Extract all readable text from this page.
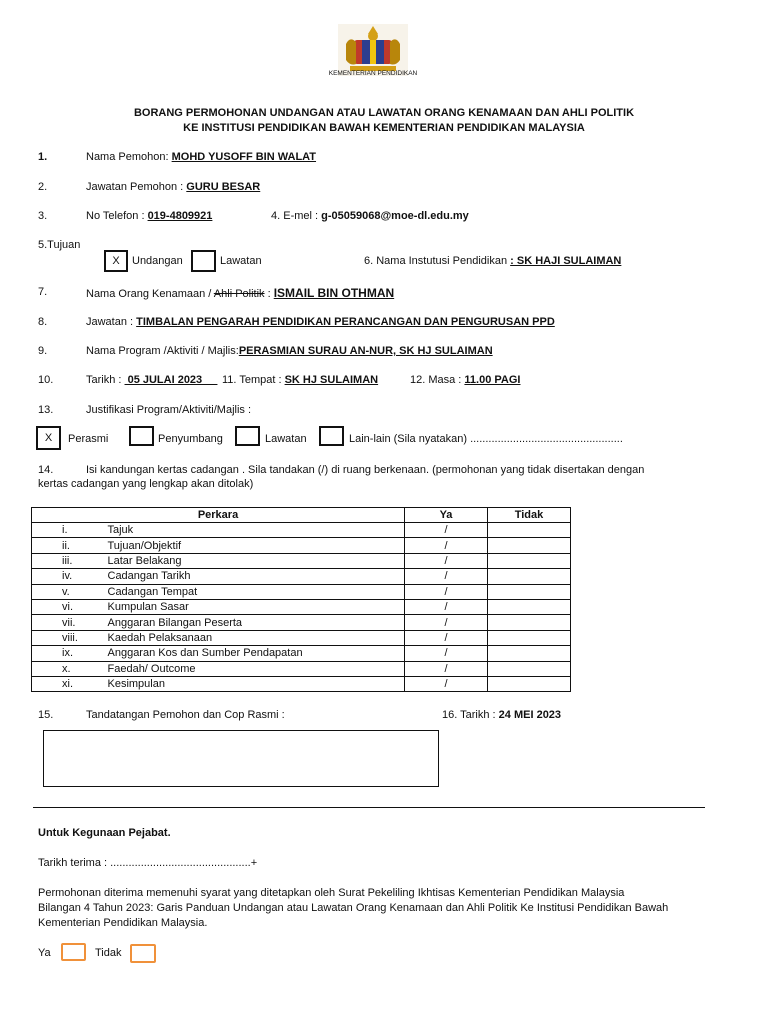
KEMENTERIAN PENDIDIKAN
BORANG PERMOHONAN UNDANGAN ATAU LAWATAN ORANG KENAMAAN DAN AHLI POLITIK
KE INSTITUSI PENDIDIKAN BAWAH KEMENTERIAN PENDIDIKAN MALAYSIA
1.	Nama Pemohon: MOHD YUSOFF BIN WALAT
2.	Jawatan Pemohon : GURU BESAR
3.	No Telefon : 019-4809921	4. E-mel : g-05059068@moe-dl.edu.my
5.Tujuan
X	Undangan	Lawatan	6. Nama Instutusi Pendidikan : SK HAJI SULAIMAN
7.	Nama Orang Kenamaan / Ahli Politik : ISMAIL BIN OTHMAN
8.	Jawatan : TIMBALAN PENGARAH PENDIDIKAN PERANCANGAN DAN PENGURUSAN PPD
9.	Nama Program /Aktiviti / Majlis:PERASMIAN SURAU AN-NUR, SK HJ SULAIMAN
10.	Tarikh :  05 JULAI 2023 11. Tempat : SK HJ SULAIMAN	12. Masa : 11.00 PAGI
13.	Justifikasi Program/Aktiviti/Majlis :
X	Perasmi	Penyumbang	Lawatan	Lain-lain (Sila nyatakan) ..................................................
14.	Isi kandungan kertas cadangan . Sila tandakan (/) di ruang berkenaan. (permohonan yang tidak disertakan dengan
kertas cadangan yang lengkap akan ditolak)
Perkara		Ya	Tidak
i.	Tajuk	/	
ii.	Tujuan/Objektif	/	
iii.	Latar Belakang	/	
iv.	Cadangan Tarikh	/	
v.	Cadangan Tempat	/	
vi.	Kumpulan Sasar	/	
vii.	Anggaran Bilangan Peserta	/	
viii.	Kaedah Pelaksanaan	/	
ix.	Anggaran Kos dan Sumber Pendapatan	/	
x.	Faedah/ Outcome	/	
xi.	Kesimpulan	/	
15.	Tandatangan Pemohon dan Cop Rasmi :	16. Tarikh : 24 MEI 2023
Untuk Kegunaan Pejabat.
Tarikh terima : ..............................................+
Permohonan diterima memenuhi syarat yang ditetapkan oleh Surat Pekeliling Ikhtisas Kementerian Pendidikan Malaysia
Bilangan 4 Tahun 2023: Garis Panduan Undangan atau Lawatan Orang Kenamaan dan Ahli Politik Ke Institusi Pendidikan Bawah
Kementerian Pendidikan Malaysia.
Ya	Tidak
